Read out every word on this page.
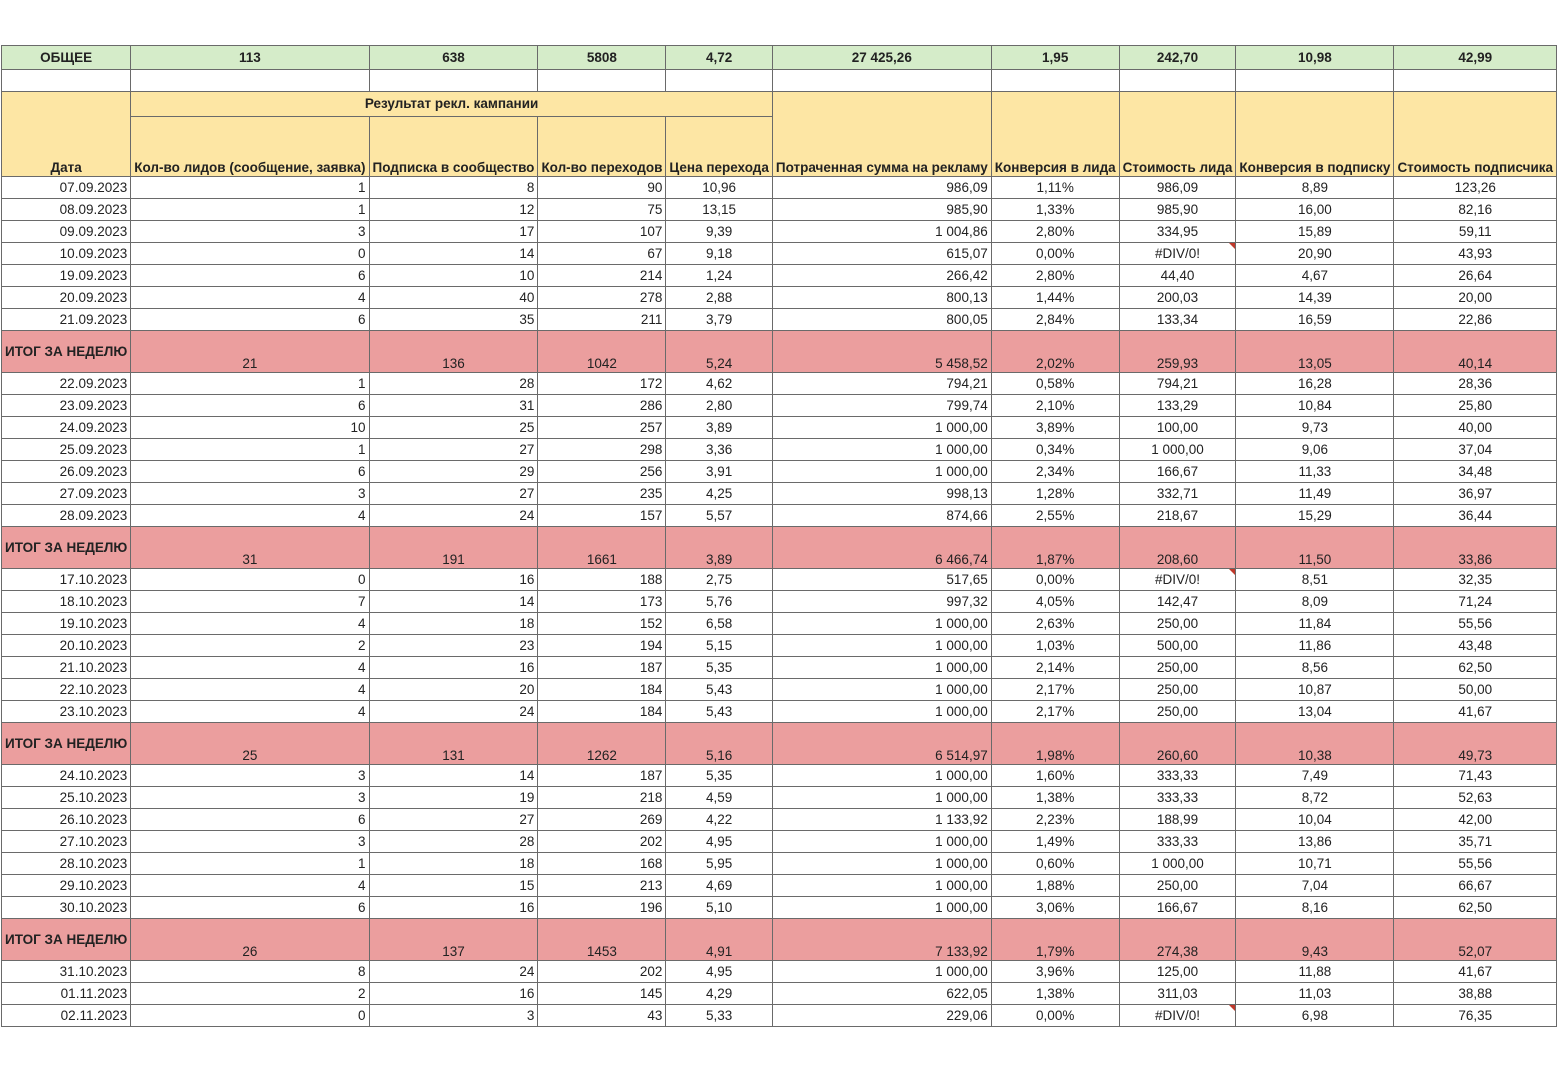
ОБЩЕЕ	113	638	5808	4,72	27 425,26	1,95	242,70	10,98	42,99

Дата	Результат рекл. кампании				Потраченная сумма на рекламу	Конверсия в лида	Стоимость лида	Конверсия в подписку	Стоимость подписчика
	Кол-во лидов (сообщение, заявка)	Подписка в сообщество	Кол-во переходов	Цена перехода					
07.09.2023	1	8	90	10,96	986,09	1,11%	986,09	8,89	123,26
08.09.2023	1	12	75	13,15	985,90	1,33%	985,90	16,00	82,16
09.09.2023	3	17	107	9,39	1 004,86	2,80%	334,95	15,89	59,11
10.09.2023	0	14	67	9,18	615,07	0,00%	#DIV/0!	20,90	43,93
19.09.2023	6	10	214	1,24	266,42	2,80%	44,40	4,67	26,64
20.09.2023	4	40	278	2,88	800,13	1,44%	200,03	14,39	20,00
21.09.2023	6	35	211	3,79	800,05	2,84%	133,34	16,59	22,86
ИТОГ ЗА НЕДЕЛЮ	21	136	1042	5,24	5 458,52	2,02%	259,93	13,05	40,14
22.09.2023	1	28	172	4,62	794,21	0,58%	794,21	16,28	28,36
23.09.2023	6	31	286	2,80	799,74	2,10%	133,29	10,84	25,80
24.09.2023	10	25	257	3,89	1 000,00	3,89%	100,00	9,73	40,00
25.09.2023	1	27	298	3,36	1 000,00	0,34%	1 000,00	9,06	37,04
26.09.2023	6	29	256	3,91	1 000,00	2,34%	166,67	11,33	34,48
27.09.2023	3	27	235	4,25	998,13	1,28%	332,71	11,49	36,97
28.09.2023	4	24	157	5,57	874,66	2,55%	218,67	15,29	36,44
ИТОГ ЗА НЕДЕЛЮ	31	191	1661	3,89	6 466,74	1,87%	208,60	11,50	33,86
17.10.2023	0	16	188	2,75	517,65	0,00%	#DIV/0!	8,51	32,35
18.10.2023	7	14	173	5,76	997,32	4,05%	142,47	8,09	71,24
19.10.2023	4	18	152	6,58	1 000,00	2,63%	250,00	11,84	55,56
20.10.2023	2	23	194	5,15	1 000,00	1,03%	500,00	11,86	43,48
21.10.2023	4	16	187	5,35	1 000,00	2,14%	250,00	8,56	62,50
22.10.2023	4	20	184	5,43	1 000,00	2,17%	250,00	10,87	50,00
23.10.2023	4	24	184	5,43	1 000,00	2,17%	250,00	13,04	41,67
ИТОГ ЗА НЕДЕЛЮ	25	131	1262	5,16	6 514,97	1,98%	260,60	10,38	49,73
24.10.2023	3	14	187	5,35	1 000,00	1,60%	333,33	7,49	71,43
25.10.2023	3	19	218	4,59	1 000,00	1,38%	333,33	8,72	52,63
26.10.2023	6	27	269	4,22	1 133,92	2,23%	188,99	10,04	42,00
27.10.2023	3	28	202	4,95	1 000,00	1,49%	333,33	13,86	35,71
28.10.2023	1	18	168	5,95	1 000,00	0,60%	1 000,00	10,71	55,56
29.10.2023	4	15	213	4,69	1 000,00	1,88%	250,00	7,04	66,67
30.10.2023	6	16	196	5,10	1 000,00	3,06%	166,67	8,16	62,50
ИТОГ ЗА НЕДЕЛЮ	26	137	1453	4,91	7 133,92	1,79%	274,38	9,43	52,07
31.10.2023	8	24	202	4,95	1 000,00	3,96%	125,00	11,88	41,67
01.11.2023	2	16	145	4,29	622,05	1,38%	311,03	11,03	38,88
02.11.2023	0	3	43	5,33	229,06	0,00%	#DIV/0!	6,98	76,35
